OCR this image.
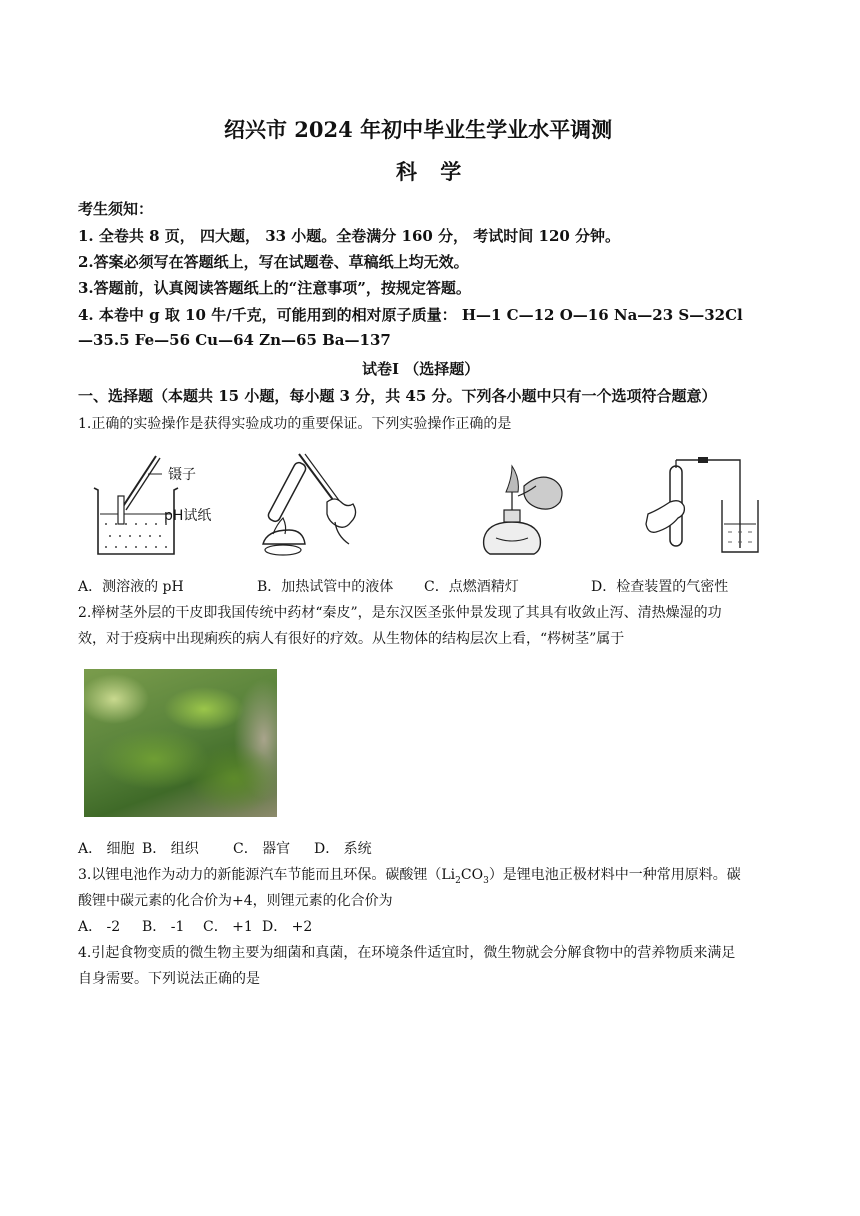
绍兴市 2024 年初中毕业生学业水平调测
科 学
考生须知：
1. 全卷共 8 页， 四大题， 33 小题。全卷满分 160 分， 考试时间 120 分钟。
2.答案必须写在答题纸上，写在试题卷、草稿纸上均无效。
3.答题前，认真阅读答题纸上的“注意事项”，按规定答题。
4. 本卷中 g 取 10 牛/千克，可能用到的相对原子质量： H—1 C—12 O—16 Na—23 S—32Cl
—35.5 Fe—56 Cu—64 Zn—65 Ba—137
试卷Ⅰ （选择题）
一、选择题（本题共 15 小题，每小题 3 分，共 45 分。下列各小题中只有一个选项符合题意）
1.正确的实验操作是获得实验成功的重要保证。下列实验操作正确的是
镊子
pH试纸
A．测溶液的 pH	B．加热试管中的液体 C．点燃酒精灯	D．检查装置的气密性
2.榉树茎外层的干皮即我国传统中药材“秦皮”，是东汉医圣张仲景发现了其具有收敛止泻、清热燥湿的功
效，对于疫病中出现痢疾的病人有很好的疗效。从生物体的结构层次上看，“梣树茎”属于
A． 细胞 B． 组织 C． 器官 D． 系统
3.以锂电池作为动力的新能源汽车节能而且环保。碳酸锂$(Li_2CO_3)$是锂电池正极材料中一种常用原料。碳
酸锂中碳元素的化合价为+4，则锂元素的化合价为
A． -2 B． -1 C． +1 D． +2
4.引起食物变质的微生物主要为细菌和真菌，在环境条件适宜时，微生物就会分解食物中的营养物质来满足
自身需要。下列说法正确的是
